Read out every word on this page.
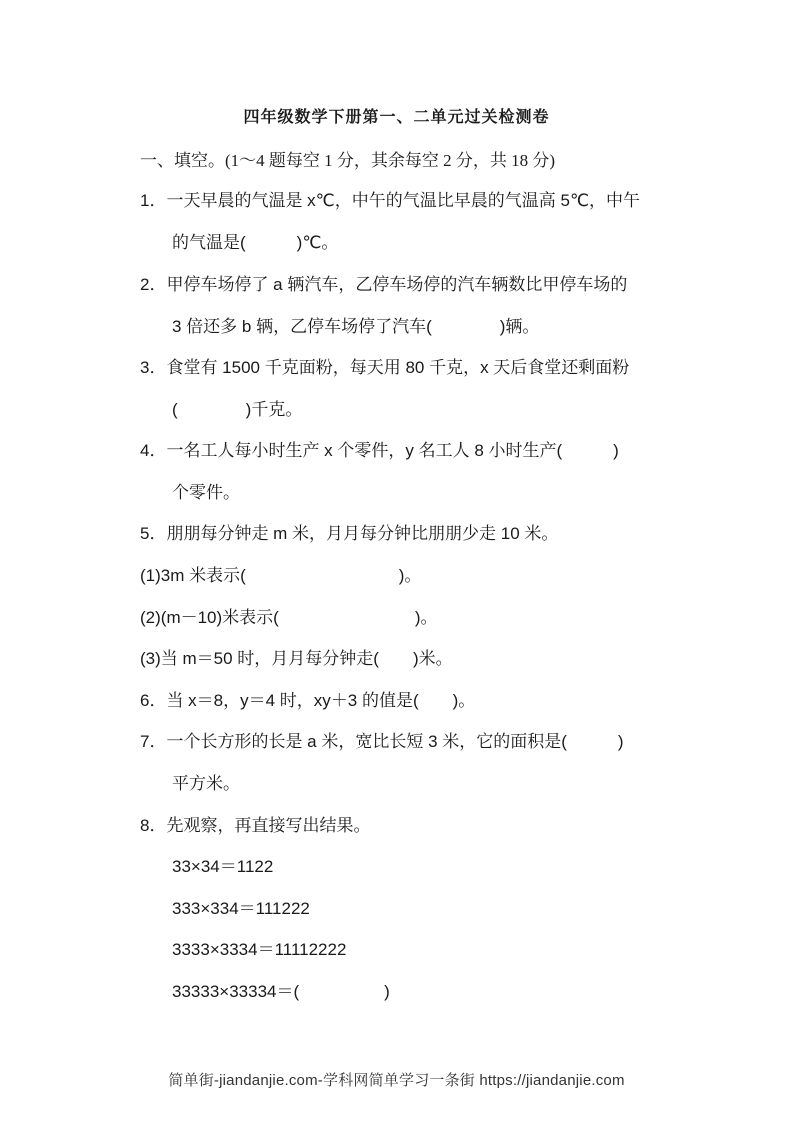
四年级数学下册第一、二单元过关检测卷
一、填空。(1～4 题每空 1 分，其余每空 2 分，共 18 分)
1．一天早晨的气温是 x℃，中午的气温比早晨的气温高 5℃，中午
的气温是(　　　)℃。
2．甲停车场停了 a 辆汽车，乙停车场停的汽车辆数比甲停车场的
3 倍还多 b 辆，乙停车场停了汽车(　　　　)辆。
3．食堂有 1500 千克面粉，每天用 80 千克，x 天后食堂还剩面粉
(　　　　)千克。
4．一名工人每小时生产 x 个零件，y 名工人 8 小时生产(　　　)
个零件。
5．朋朋每分钟走 m 米，月月每分钟比朋朋少走 10 米。
(1)3m 米表示(　　　　　　　　　)。
(2)(m－10)米表示(　　　　　　　　)。
(3)当 m＝50 时，月月每分钟走(　　)米。
6．当 x＝8，y＝4 时，xy＋3 的值是(　　)。
7．一个长方形的长是 a 米，宽比长短 3 米，它的面积是(　　　)
平方米。
8．先观察，再直接写出结果。
33×34＝1122
333×334＝111222
3333×3334＝11112222
33333×33334＝(　　　　　)
简单街-jiandanjie.com-学科网简单学习一条街 https://jiandanjie.com
